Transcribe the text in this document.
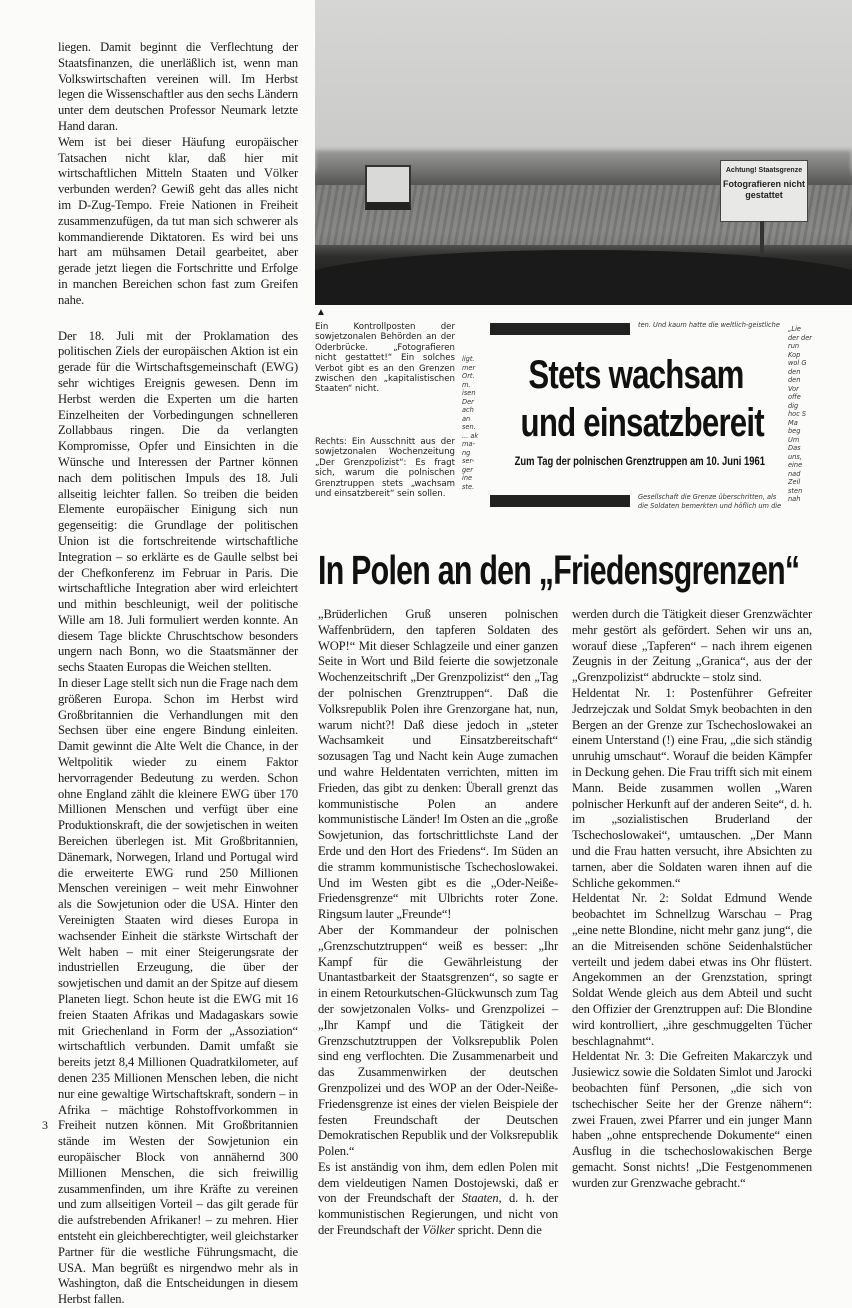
Achtung! Staatsgrenze
Fotografieren nicht gestattet
▲
Ein Kontrollposten der sowjetzonalen Behörden an der Oderbrücke. „Fotografieren nicht gestattet!“ Ein solches Verbot gibt es an den Grenzen zwischen den „kapitalistischen Staaten“ nicht.
Rechts: Ein Ausschnitt aus der sowjetzonalen Wochenzeitung „Der Grenzpolizist“: Es fragt sich, warum die polnischen Grenztruppen stets „wachsam und einsatzbereit“ sein sollen.
ligt. mer Ort. m. isen Der ach an sen. ... ak ma- ng ser- ger ine ste.
„Lie der der run Kop wol G den den Vor offe dig hoc S Ma beg Um Das uns, eine nad Zeil sten nah
ten. Und kaum hatte die weltlich-geistliche
Stets wachsam
und einsatzbereit
Zum Tag der polnischen Grenztruppen am 10. Juni 1961
Gesellschaft die Grenze überschritten, als die Soldaten bemerkten und höflich um die
In Polen an den „Friedensgrenzen“

liegen. Damit beginnt die Verflechtung der Staatsfinanzen, die unerläßlich ist, wenn man Volkswirtschaften vereinen will. Im Herbst legen die Wissenschaftler aus den sechs Ländern unter dem deutschen Professor Neumark letzte Hand daran.

Wem ist bei dieser Häufung europäischer Tatsachen nicht klar, daß hier mit wirtschaftlichen Mitteln Staaten und Völker verbunden werden? Gewiß geht das alles nicht im D-Zug-Tempo. Freie Nationen in Freiheit zusammenzufügen, da tut man sich schwerer als kommandierende Diktatoren. Es wird bei uns hart am mühsamen Detail gearbeitet, aber gerade jetzt liegen die Fortschritte und Erfolge in manchen Bereichen schon fast zum Greifen nahe.

Der 18. Juli mit der Proklamation des politischen Ziels der europäischen Aktion ist ein gerade für die Wirtschaftsgemeinschaft (EWG) sehr wichtiges Ereignis gewesen. Denn im Herbst werden die Experten um die harten Einzelheiten der Vorbedingungen schnelleren Zollabbaus ringen. Die da verlangten Kompromisse, Opfer und Einsichten in die Wünsche und Interessen der Partner können nach dem politischen Impuls des 18. Juli allseitig leichter fallen. So treiben die beiden Elemente europäischer Einigung sich nun gegenseitig: die Grundlage der politischen Union ist die fortschreitende wirtschaftliche Integration – so erklärte es de Gaulle selbst bei der Chefkonferenz im Februar in Paris. Die wirtschaftliche Integration aber wird erleichtert und mithin beschleunigt, weil der politische Wille am 18. Juli formuliert werden konnte. An diesem Tage blickte Chruschtschow besonders ungern nach Bonn, wo die Staatsmänner der sechs Staaten Europas die Weichen stellten.

In dieser Lage stellt sich nun die Frage nach dem größeren Europa. Schon im Herbst wird Großbritannien die Verhandlungen mit den Sechsen über eine engere Bindung einleiten. Damit gewinnt die Alte Welt die Chance, in der Weltpolitik wieder zu einem Faktor hervorragender Bedeutung zu werden. Schon ohne England zählt die kleinere EWG über 170 Millionen Menschen und verfügt über eine Produktionskraft, die der sowjetischen in weiten Bereichen überlegen ist. Mit Großbritannien, Dänemark, Norwegen, Irland und Portugal wird die erweiterte EWG rund 250 Millionen Menschen vereinigen – weit mehr Einwohner als die Sowjetunion oder die USA. Hinter den Vereinigten Staaten wird dieses Europa in wachsender Einheit die stärkste Wirtschaft der Welt haben – mit einer Steigerungsrate der industriellen Erzeugung, die über der sowjetischen und damit an der Spitze auf diesem Planeten liegt. Schon heute ist die EWG mit 16 freien Staaten Afrikas und Madagaskars sowie mit Griechenland in Form der „Assoziation“ wirtschaftlich verbunden. Damit umfaßt sie bereits jetzt 8,4 Millionen Quadratkilometer, auf denen 235 Millionen Menschen leben, die nicht nur eine gewaltige Wirtschaftskraft, sondern – in Afrika – mächtige Rohstoffvorkommen in Freiheit nutzen können. Mit Großbritannien stände im Westen der Sowjetunion ein europäischer Block von annähernd 300 Millionen Menschen, die sich freiwillig zusammenfinden, um ihre Kräfte zu vereinen und zum allseitigen Vorteil – das gilt gerade für die aufstrebenden Afrikaner! – zu mehren. Hier entsteht ein gleichberechtigter, weil gleichstarker Partner für die westliche Führungsmacht, die USA. Man begrüßt es nirgendwo mehr als in Washington, daß die Entscheidungen in diesem Herbst fallen.

„Brüderlichen Gruß unseren polnischen Waffenbrüdern, den tapferen Soldaten des WOP!“ Mit dieser Schlagzeile und einer ganzen Seite in Wort und Bild feierte die sowjetzonale Wochenzeitschrift „Der Grenzpolizist“ den „Tag der polnischen Grenztruppen“. Daß die Volksrepublik Polen ihre Grenzorgane hat, nun, warum nicht?! Daß diese jedoch in „steter Wachsamkeit und Einsatzbereitschaft“ sozusagen Tag und Nacht kein Auge zumachen und wahre Heldentaten verrichten, mitten im Frieden, das gibt zu denken: Überall grenzt das kommunistische Polen an andere kommunistische Länder! Im Osten an die „große Sowjetunion, das fortschrittlichste Land der Erde und den Hort des Friedens“. Im Süden an die stramm kommunistische Tschechoslowakei. Und im Westen gibt es die „Oder-Neiße-Friedensgrenze“ mit Ulbrichts roter Zone. Ringsum lauter „Freunde“!

Aber der Kommandeur der polnischen „Grenzschutztruppen“ weiß es besser: „Ihr Kampf für die Gewährleistung der Unantastbarkeit der Staatsgrenzen“, so sagte er in einem Retourkutschen-Glückwunsch zum Tag der sowjetzonalen Volks- und Grenzpolizei – „Ihr Kampf und die Tätigkeit der Grenzschutztruppen der Volksrepublik Polen sind eng verflochten. Die Zusammenarbeit und das Zusammenwirken der deutschen Grenzpolizei und des WOP an der Oder-Neiße-Friedensgrenze ist eines der vielen Beispiele der festen Freundschaft der Deutschen Demokratischen Republik und der Volksrepublik Polen.“

Es ist anständig von ihm, dem edlen Polen mit dem vieldeutigen Namen Dostojewski, daß er von der Freundschaft der Staaten, d. h. der kommunistischen Regierungen, und nicht von der Freundschaft der Völker spricht. Denn die

werden durch die Tätigkeit dieser Grenzwächter mehr gestört als gefördert. Sehen wir uns an, worauf diese „Tapferen“ – nach ihrem eigenen Zeugnis in der Zeitung „Granica“, aus der der „Grenzpolizist“ abdruckte – stolz sind.

Heldentat Nr. 1: Postenführer Gefreiter Jedrzejczak und Soldat Smyk beobachten in den Bergen an der Grenze zur Tschechoslowakei an einem Unterstand (!) eine Frau, „die sich ständig unruhig umschaut“. Worauf die beiden Kämpfer in Deckung gehen. Die Frau trifft sich mit einem Mann. Beide zusammen wollen „Waren polnischer Herkunft auf der anderen Seite“, d. h. im „sozialistischen Bruderland der Tschechoslowakei“, umtauschen. „Der Mann und die Frau hatten versucht, ihre Absichten zu tarnen, aber die Soldaten waren ihnen auf die Schliche gekommen.“

Heldentat Nr. 2: Soldat Edmund Wende beobachtet im Schnellzug Warschau – Prag „eine nette Blondine, nicht mehr ganz jung“, die an die Mitreisenden schöne Seidenhalstücher verteilt und jedem dabei etwas ins Ohr flüstert. Angekommen an der Grenzstation, springt Soldat Wende gleich aus dem Abteil und sucht den Offizier der Grenztruppen auf: Die Blondine wird kontrolliert, „ihre geschmuggelten Tücher beschlagnahmt“.

Heldentat Nr. 3: Die Gefreiten Makarczyk und Jusiewicz sowie die Soldaten Simlot und Jarocki beobachten fünf Personen, „die sich von tschechischer Seite her der Grenze nähern“: zwei Frauen, zwei Pfarrer und ein junger Mann haben „ohne entsprechende Dokumente“ einen Ausflug in die tschechoslowakischen Berge gemacht. Sonst nichts! „Die Festgenommenen wurden zur Grenzwache gebracht.“

3
